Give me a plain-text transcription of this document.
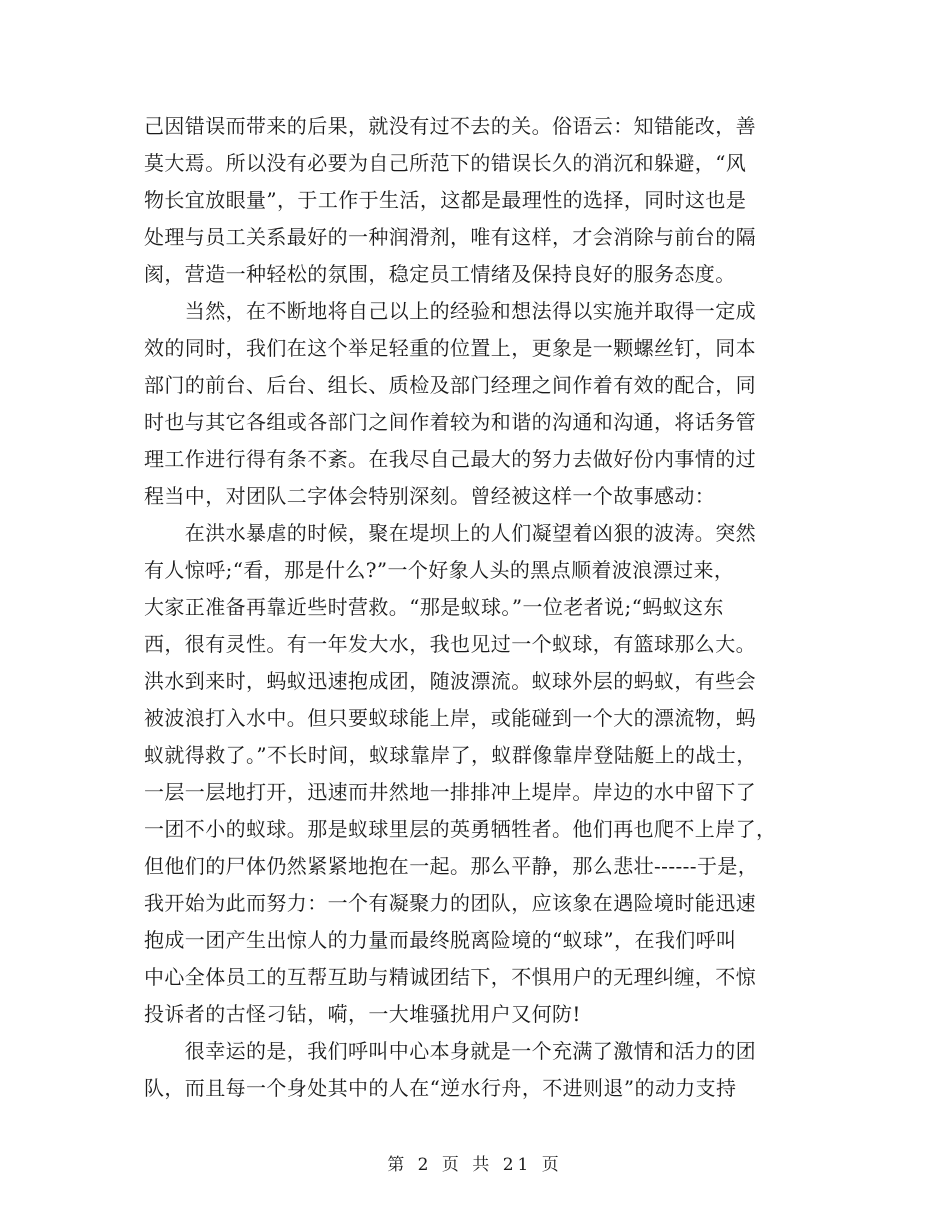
己因错误而带来的后果，就没有过不去的关。俗语云：知错能改，善
莫大焉。所以没有必要为自己所范下的错误长久的消沉和躲避，“风
物长宜放眼量”，于工作于生活，这都是最理性的选择，同时这也是
处理与员工关系最好的一种润滑剂，唯有这样，才会消除与前台的隔
阂，营造一种轻松的氛围，稳定员工情绪及保持良好的服务态度。
　　当然，在不断地将自己以上的经验和想法得以实施并取得一定成
效的同时，我们在这个举足轻重的位置上，更象是一颗螺丝钉，同本
部门的前台、后台、组长、质检及部门经理之间作着有效的配合，同
时也与其它各组或各部门之间作着较为和谐的沟通和沟通，将话务管
理工作进行得有条不紊。在我尽自己最大的努力去做好份内事情的过
程当中，对团队二字体会特别深刻。曾经被这样一个故事感动：
　　在洪水暴虐的时候，聚在堤坝上的人们凝望着凶狠的波涛。突然
有人惊呼;“看，那是什么?”一个好象人头的黑点顺着波浪漂过来，
大家正准备再靠近些时营救。“那是蚁球。”一位老者说;“蚂蚁这东
西，很有灵性。有一年发大水，我也见过一个蚁球，有篮球那么大。
洪水到来时，蚂蚁迅速抱成团，随波漂流。蚁球外层的蚂蚁，有些会
被波浪打入水中。但只要蚁球能上岸，或能碰到一个大的漂流物，蚂
蚁就得救了。”不长时间，蚁球靠岸了，蚁群像靠岸登陆艇上的战士，
一层一层地打开，迅速而井然地一排排冲上堤岸。岸边的水中留下了
一团不小的蚁球。那是蚁球里层的英勇牺牲者。他们再也爬不上岸了，
但他们的尸体仍然紧紧地抱在一起。那么平静，那么悲壮------于是，
我开始为此而努力：一个有凝聚力的团队，应该象在遇险境时能迅速
抱成一团产生出惊人的力量而最终脱离险境的“蚁球”，在我们呼叫
中心全体员工的互帮互助与精诚团结下，不惧用户的无理纠缠，不惊
投诉者的古怪刁钻，嗬，一大堆骚扰用户又何防!
　　很幸运的是，我们呼叫中心本身就是一个充满了激情和活力的团
队，而且每一个身处其中的人在“逆水行舟，不进则退”的动力支持
第 2 页 共 21 页
